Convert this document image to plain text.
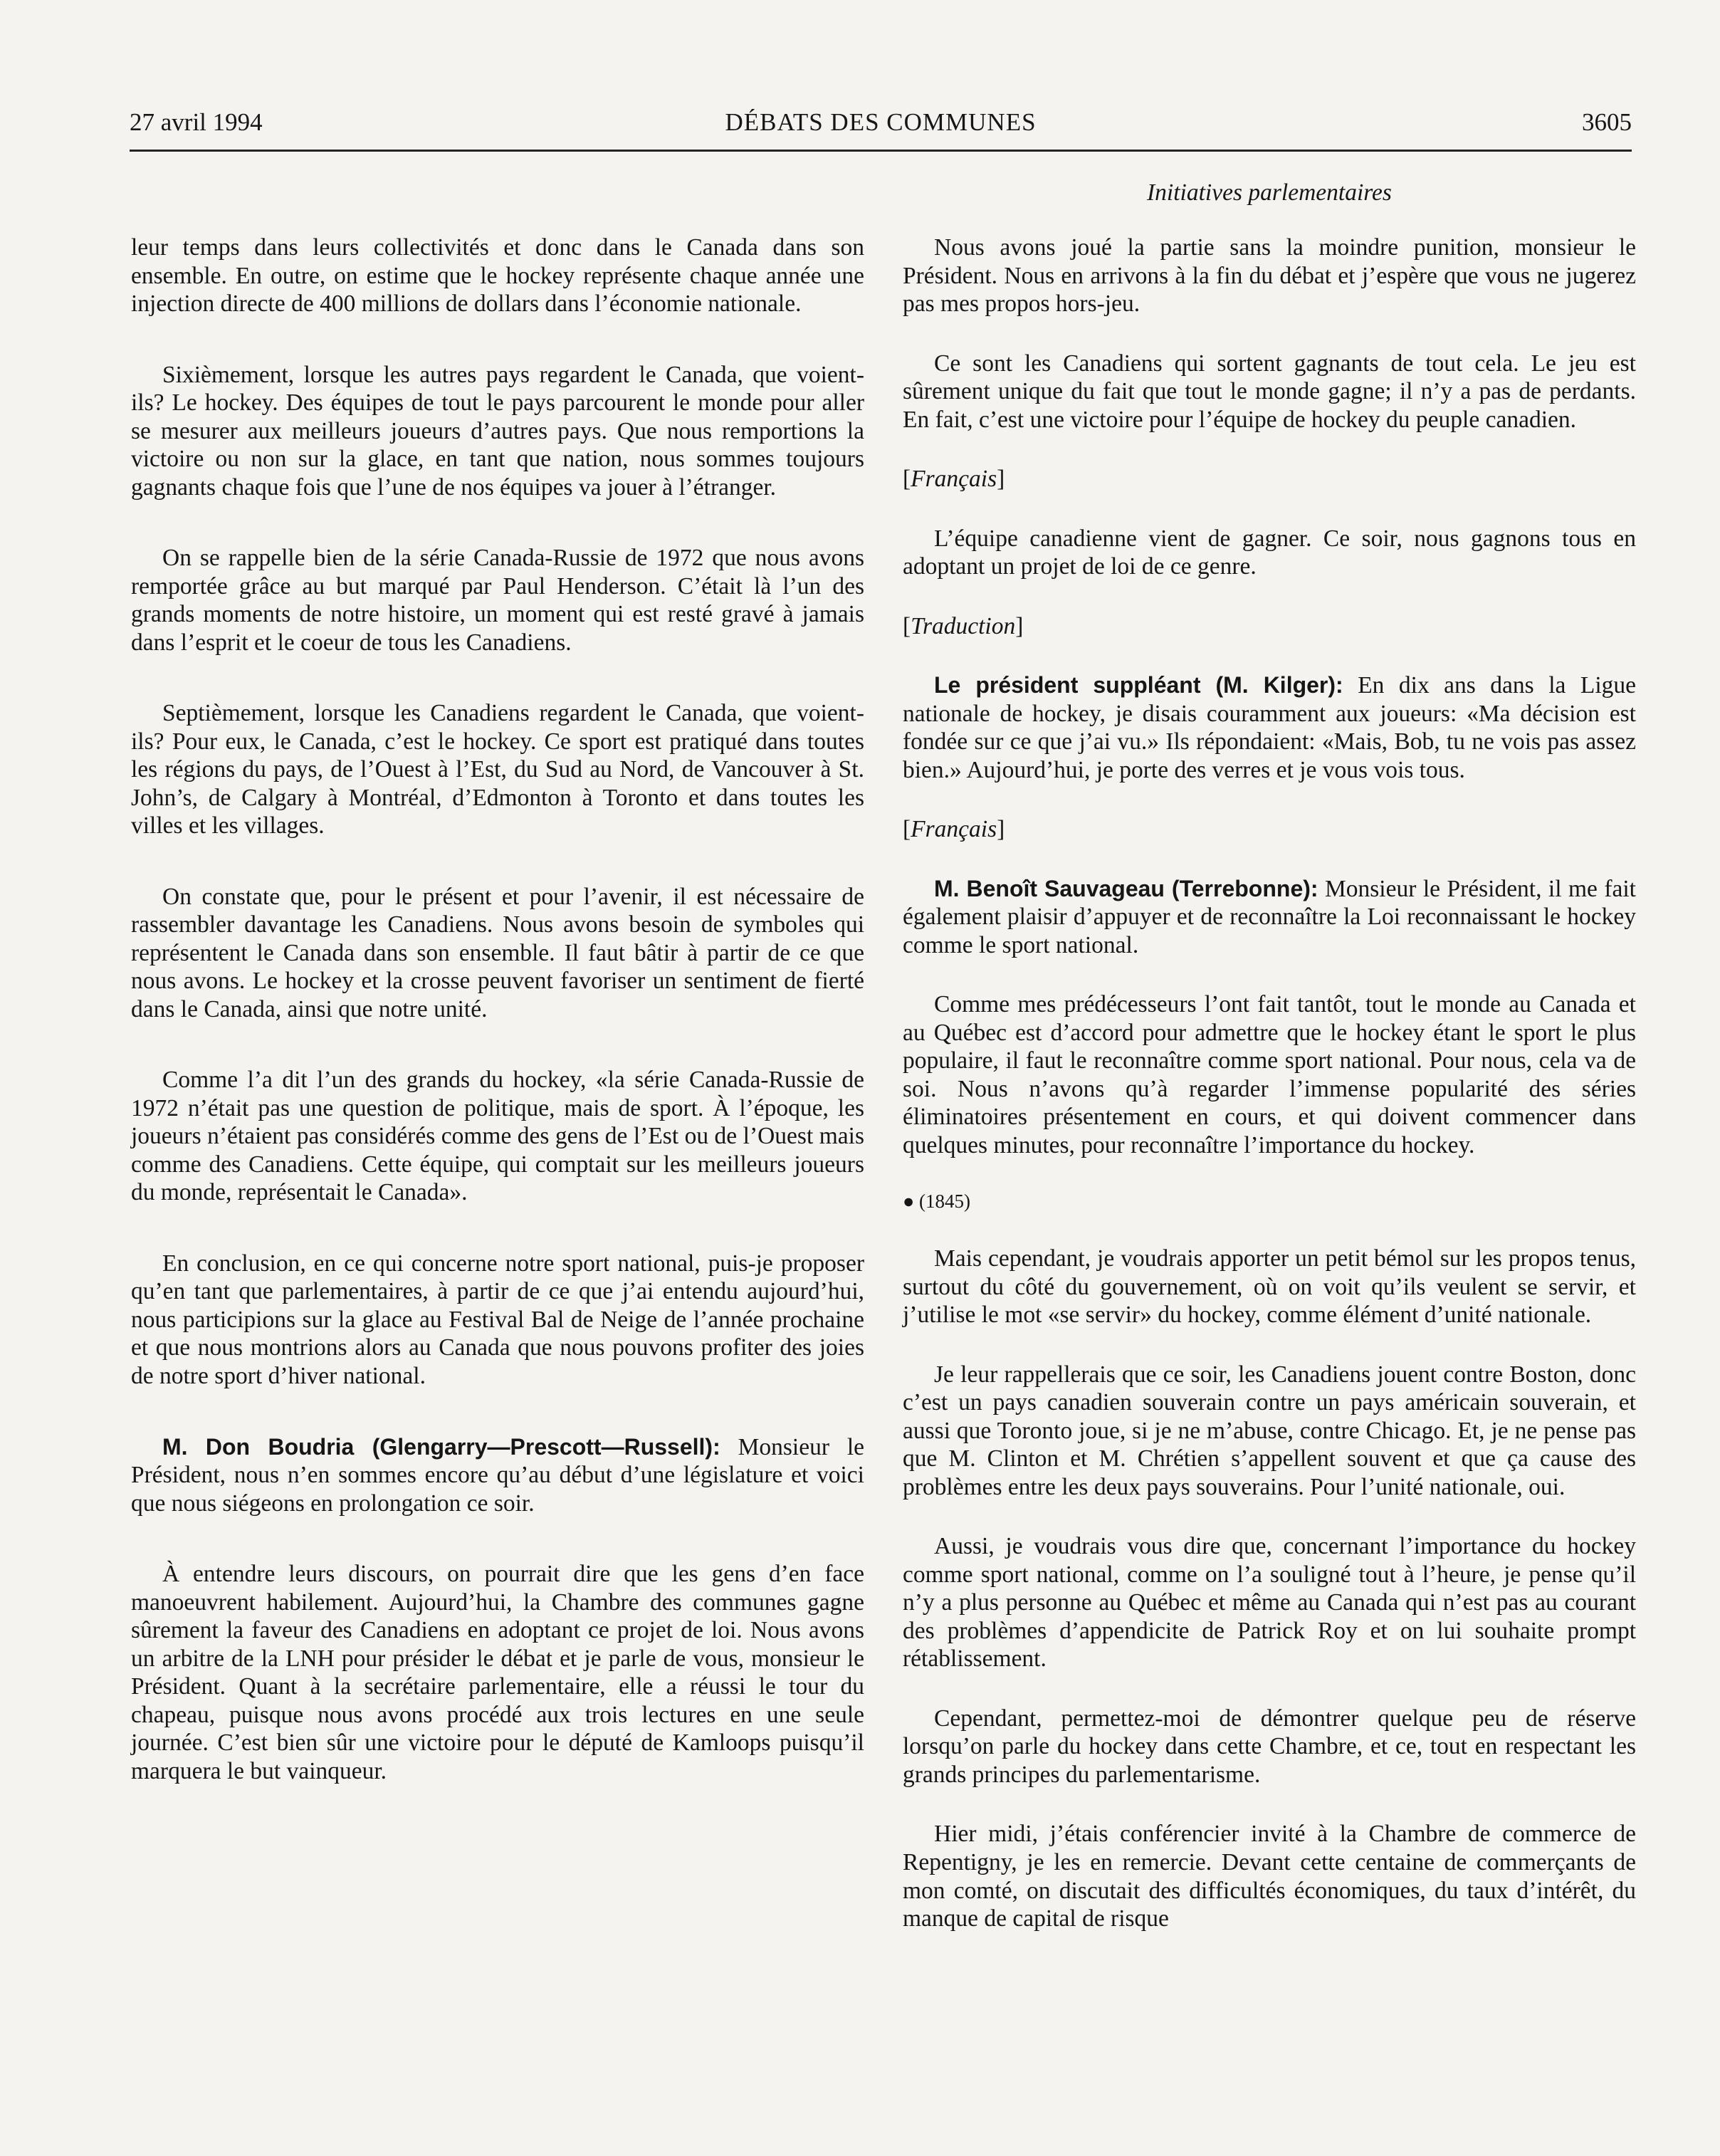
27 avril 1994	DÉBATS DES COMMUNES	3605
Initiatives parlementaires

leur temps dans leurs collectivités et donc dans le Canada dans son ensemble. En outre, on estime que le hockey représente chaque année une injection directe de 400 millions de dollars dans l’économie nationale.

Sixièmement, lorsque les autres pays regardent le Canada, que voient-ils? Le hockey. Des équipes de tout le pays parcourent le monde pour aller se mesurer aux meilleurs joueurs d’autres pays. Que nous remportions la victoire ou non sur la glace, en tant que nation, nous sommes toujours gagnants chaque fois que l’une de nos équipes va jouer à l’étranger.

On se rappelle bien de la série Canada-Russie de 1972 que nous avons remportée grâce au but marqué par Paul Henderson. C’était là l’un des grands moments de notre histoire, un moment qui est resté gravé à jamais dans l’esprit et le coeur de tous les Canadiens.

Septièmement, lorsque les Canadiens regardent le Canada, que voient-ils? Pour eux, le Canada, c’est le hockey. Ce sport est pratiqué dans toutes les régions du pays, de l’Ouest à l’Est, du Sud au Nord, de Vancouver à St. John’s, de Calgary à Montréal, d’Edmonton à Toronto et dans toutes les villes et les villages.

On constate que, pour le présent et pour l’avenir, il est nécessaire de rassembler davantage les Canadiens. Nous avons besoin de symboles qui représentent le Canada dans son ensemble. Il faut bâtir à partir de ce que nous avons. Le hockey et la crosse peuvent favoriser un sentiment de fierté dans le Canada, ainsi que notre unité.

Comme l’a dit l’un des grands du hockey, «la série Canada-Russie de 1972 n’était pas une question de politique, mais de sport. À l’époque, les joueurs n’étaient pas considérés comme des gens de l’Est ou de l’Ouest mais comme des Canadiens. Cette équipe, qui comptait sur les meilleurs joueurs du monde, représentait le Canada».

En conclusion, en ce qui concerne notre sport national, puis-je proposer qu’en tant que parlementaires, à partir de ce que j’ai entendu aujourd’hui, nous participions sur la glace au Festival Bal de Neige de l’année prochaine et que nous montrions alors au Canada que nous pouvons profiter des joies de notre sport d’hiver national.

M. Don Boudria (Glengarry—Prescott—Russell): Monsieur le Président, nous n’en sommes encore qu’au début d’une législature et voici que nous siégeons en prolongation ce soir.

À entendre leurs discours, on pourrait dire que les gens d’en face manoeuvrent habilement. Aujourd’hui, la Chambre des communes gagne sûrement la faveur des Canadiens en adoptant ce projet de loi. Nous avons un arbitre de la LNH pour présider le débat et je parle de vous, monsieur le Président. Quant à la secrétaire parlementaire, elle a réussi le tour du chapeau, puisque nous avons procédé aux trois lectures en une seule journée. C’est bien sûr une victoire pour le député de Kamloops puisqu’il marquera le but vainqueur.

Nous avons joué la partie sans la moindre punition, monsieur le Président. Nous en arrivons à la fin du débat et j’espère que vous ne jugerez pas mes propos hors-jeu.

Ce sont les Canadiens qui sortent gagnants de tout cela. Le jeu est sûrement unique du fait que tout le monde gagne; il n’y a pas de perdants. En fait, c’est une victoire pour l’équipe de hockey du peuple canadien.

[Français]

L’équipe canadienne vient de gagner. Ce soir, nous gagnons tous en adoptant un projet de loi de ce genre.

[Traduction]

Le président suppléant (M. Kilger): En dix ans dans la Ligue nationale de hockey, je disais couramment aux joueurs: «Ma décision est fondée sur ce que j’ai vu.» Ils répondaient: «Mais, Bob, tu ne vois pas assez bien.» Aujourd’hui, je porte des verres et je vous vois tous.

[Français]

M. Benoît Sauvageau (Terrebonne): Monsieur le Président, il me fait également plaisir d’appuyer et de reconnaître la Loi reconnaissant le hockey comme le sport national.

Comme mes prédécesseurs l’ont fait tantôt, tout le monde au Canada et au Québec est d’accord pour admettre que le hockey étant le sport le plus populaire, il faut le reconnaître comme sport national. Pour nous, cela va de soi. Nous n’avons qu’à regarder l’immense popularité des séries éliminatoires présentement en cours, et qui doivent commencer dans quelques minutes, pour reconnaître l’importance du hockey.

● (1845)

Mais cependant, je voudrais apporter un petit bémol sur les propos tenus, surtout du côté du gouvernement, où on voit qu’ils veulent se servir, et j’utilise le mot «se servir» du hockey, comme élément d’unité nationale.

Je leur rappellerais que ce soir, les Canadiens jouent contre Boston, donc c’est un pays canadien souverain contre un pays américain souverain, et aussi que Toronto joue, si je ne m’abuse, contre Chicago. Et, je ne pense pas que M. Clinton et M. Chrétien s’appellent souvent et que ça cause des problèmes entre les deux pays souverains. Pour l’unité nationale, oui.

Aussi, je voudrais vous dire que, concernant l’importance du hockey comme sport national, comme on l’a souligné tout à l’heure, je pense qu’il n’y a plus personne au Québec et même au Canada qui n’est pas au courant des problèmes d’appendicite de Patrick Roy et on lui souhaite prompt rétablissement.

Cependant, permettez-moi de démontrer quelque peu de réserve lorsqu’on parle du hockey dans cette Chambre, et ce, tout en respectant les grands principes du parlementarisme.

Hier midi, j’étais conférencier invité à la Chambre de commerce de Repentigny, je les en remercie. Devant cette centaine de commerçants de mon comté, on discutait des difficultés économiques, du taux d’intérêt, du manque de capital de risque
